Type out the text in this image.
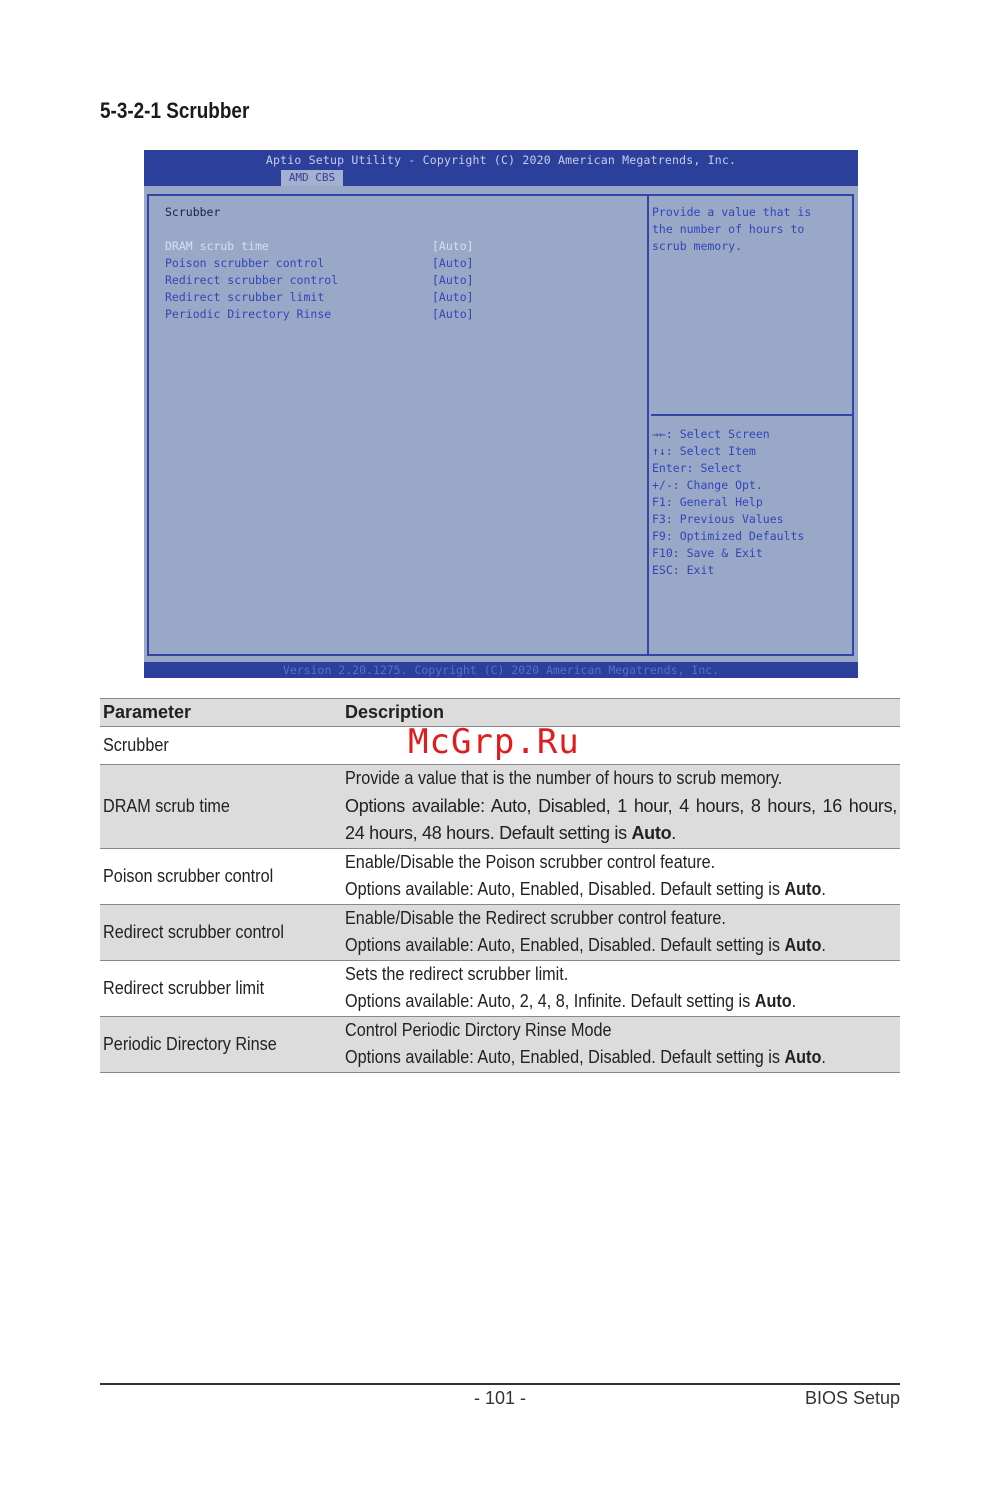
5-3-2-1 Scrubber
Aptio Setup Utility - Copyright (C) 2020 American Megatrends, Inc.
AMD CBS
Scrubber
DRAM scrub time	[Auto]
Poison scrubber control	[Auto]
Redirect scrubber control	[Auto]
Redirect scrubber limit	[Auto]
Periodic Directory Rinse	[Auto]
Provide a value that is
the number of hours to
scrub memory.
→←: Select Screen
↑↓: Select Item
Enter: Select
+/-: Change Opt.
F1: General Help
F3: Previous Values
F9: Optimized Defaults
F10: Save & Exit
ESC: Exit
Version 2.20.1275. Copyright (C) 2020 American Megatrends, Inc.
Parameter	Description
Scrubber	
DRAM scrub time	Provide a value that is the number of hours to scrub memory.
Options available: Auto, Disabled, 1 hour, 4 hours, 8 hours, 16 hours, 24 hours, 48 hours. Default setting is Auto.

Poison scrubber control	Enable/Disable the Poison scrubber control feature.
Options available: Auto, Enabled, Disabled. Default setting is Auto.

Redirect scrubber control	Enable/Disable the Redirect scrubber control feature.
Options available: Auto, Enabled, Disabled. Default setting is Auto.

Redirect scrubber limit	Sets the redirect scrubber limit.
Options available: Auto, 2, 4, 8, Infinite. Default setting is Auto.

Periodic Directory Rinse	Control Periodic Dirctory Rinse Mode
Options available: Auto, Enabled, Disabled. Default setting is Auto.
McGrp.Ru
- 101 -	BIOS Setup
